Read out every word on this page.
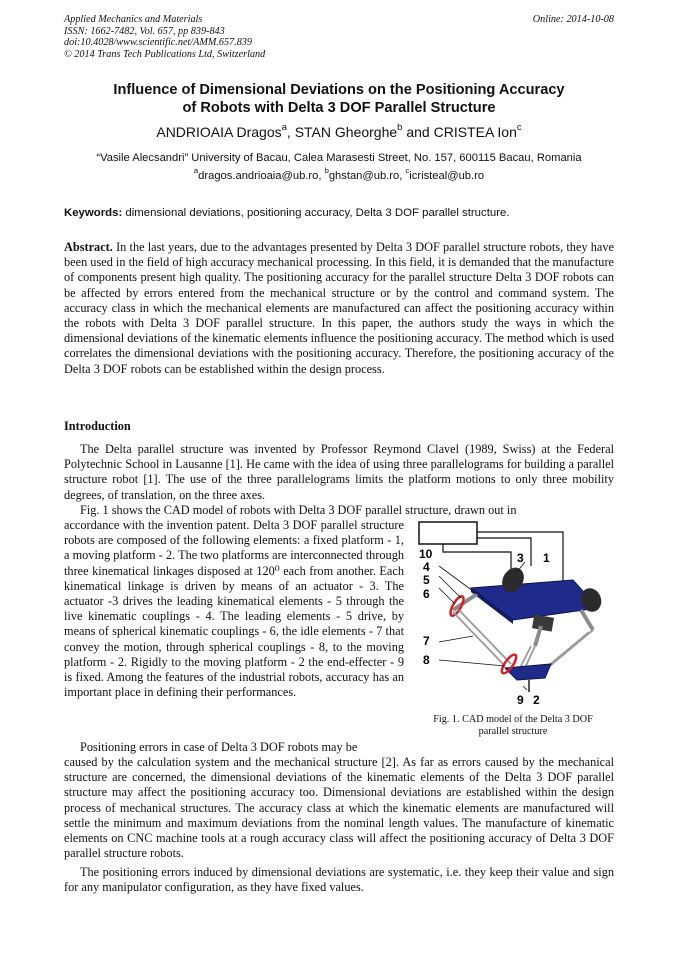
Applied Mechanics and Materials
ISSN: 1662-7482, Vol. 657, pp 839-843
doi:10.4028/www.scientific.net/AMM.657.839
© 2014 Trans Tech Publications Ltd, Switzerland
Online: 2014-10-08
Influence of Dimensional Deviations on the Positioning Accuracy
of Robots with Delta 3 DOF Parallel Structure
ANDRIOAIA Dragos$^a$, STAN Gheorghe$^b$ and CRISTEA Ion$^c$
“Vasile Alecsandri” University of Bacau, Calea Marasesti Street, No. 157, 600115 Bacau, Romania
$^a$dragos.andrioaia@ub.ro, $^b$ghstan@ub.ro, $^c$icristeal@ub.ro
Keywords: dimensional deviations, positioning accuracy, Delta 3 DOF parallel structure.
Abstract. In the last years, due to the advantages presented by Delta 3 DOF parallel structure robots, they have been used in the field of high accuracy mechanical processing. In this field, it is demanded that the manufacture of components present high quality. The positioning accuracy for the parallel structure Delta 3 DOF robots can be affected by errors entered from the mechanical structure or by the control and command system. The accuracy class in which the mechanical elements are manufactured can affect the positioning accuracy within the robots with Delta 3 DOF parallel structure. In this paper, the authors study the ways in which the dimensional deviations of the kinematic elements influence the positioning accuracy. The method which is used correlates the dimensional deviations with the positioning accuracy. Therefore, the positioning accuracy of the Delta 3 DOF robots can be established within the design process.
Introduction

The Delta parallel structure was invented by Professor Reymond Clavel (1989, Swiss) at the Federal Polytechnic School in Lausanne [1]. He came with the idea of using three parallelograms for building a parallel structure robot [1]. The use of the three parallelograms limits the platform motions to only three mobility degrees, of translation, on the three axes.

Fig. 1 shows the CAD model of robots with Delta 3 DOF parallel structure, drawn out in

accordance with the invention patent. Delta 3 DOF parallel structure robots are composed of the following elements: a fixed platform - 1, a moving platform - 2. The two platforms are interconnected through three kinematical linkages disposed at 120⁰ each from another. Each kinematical linkage is driven by means of an actuator - 3. The actuator -3 drives the leading kinematical elements - 5 through the live kinematic couplings - 4. The leading elements - 5 drive, by means of spherical kinematic couplings - 6, the idle elements - 7 that convey the motion, through spherical couplings - 8, to the moving platform - 2. Rigidly to the moving platform - 2 the end-effecter - 9 is fixed. Among the features of the industrial robots, accuracy has an important place in defining their performances.

Positioning errors in case of Delta 3 DOF robots may be

caused by the calculation system and the mechanical structure [2]. As far as errors caused by the mechanical structure are concerned, the dimensional deviations of the kinematic elements of the Delta 3 DOF parallel structure may affect the positioning accuracy too. Dimensional deviations are established within the design process of mechanical structures. The accuracy class at which the kinematic elements are manufactured will settle the minimum and maximum deviations from the nominal length values. The manufacture of kinematic elements on CNC machine tools at a rough accuracy class will affect the positioning accuracy of Delta 3 DOF parallel structure robots.

The positioning errors induced by dimensional deviations are systematic, i.e. they keep their value and sign for any manipulator configuration, as they have fixed values.

10
4
5
6
7
8
3 1
9 2
Fig. 1. CAD model of the Delta 3 DOF
parallel structure
